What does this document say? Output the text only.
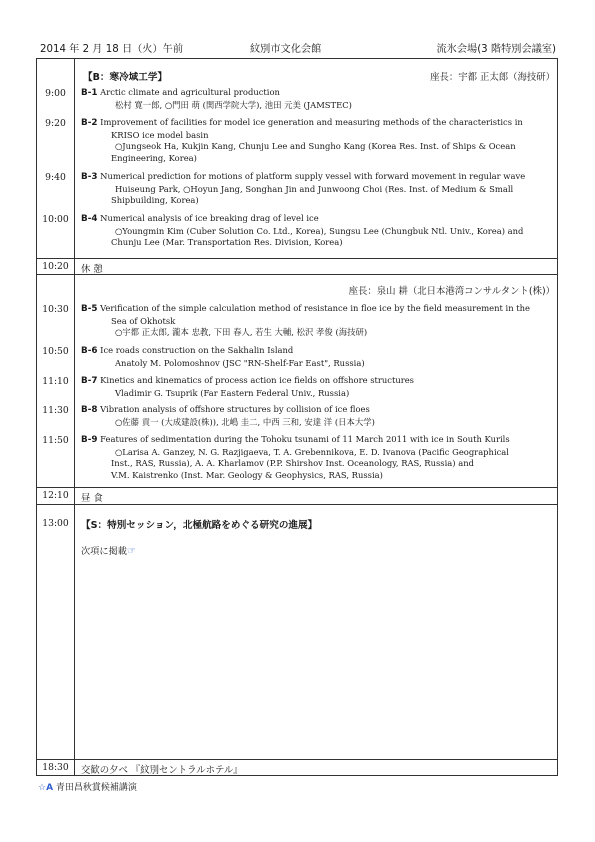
2014 年 2 月 18 日（火）午前	紋別市文化会館	流氷会場(3 階特別会議室)
【B：寒冷域工学】	座長：宇都 正太郎（海技研）
9:00	B-1 Arctic climate and agricultural production
松村 寛一郎, ○門田 萌 (関西学院大学), 池田 元美 (JAMSTEC)
9:20	B-2 Improvement of facilities for model ice generation and measuring methods of the characteristics in
KRISO ice model basin
○Jungseok Ha, Kukjin Kang, Chunju Lee and Sungho Kang (Korea Res. Inst. of Ships & Ocean
Engineering, Korea)
9:40	B-3 Numerical prediction for motions of platform supply vessel with forward movement in regular wave
Huiseung Park, ○Hoyun Jang, Songhan Jin and Junwoong Choi (Res. Inst. of Medium & Small
Shipbuilding, Korea)
10:00	B-4 Numerical analysis of ice breaking drag of level ice
○Youngmin Kim (Cuber Solution Co. Ltd., Korea), Sungsu Lee (Chungbuk Ntl. Univ., Korea) and
Chunju Lee (Mar. Transportation Res. Division, Korea)
10:20	休 憩
座長：泉山 耕（北日本港湾コンサルタント(株)）
10:30	B-5 Verification of the simple calculation method of resistance in floe ice by the field measurement in the
Sea of Okhotsk
○宇都 正太郎, 瀧本 忠教, 下田 春人, 若生 大輔, 松沢 孝俊 (海技研)
10:50	B-6 Ice roads construction on the Sakhalin Island
Anatoly M. Polomoshnov (JSC "RN-Shelf-Far East", Russia)
11:10	B-7 Kinetics and kinematics of process action ice fields on offshore structures
Vladimir G. Tsuprik (Far Eastern Federal Univ., Russia)
11:30	B-8 Vibration analysis of offshore structures by collision of ice floes
○佐藤 貢一 (大成建設(株)), 北嶋 圭二, 中西 三和, 安達 洋 (日本大学)
11:50	B-9 Features of sedimentation during the Tohoku tsunami of 11 March 2011 with ice in South Kurils
○Larisa A. Ganzey, N. G. Razjigaeva, T. A. Grebennikova, E. D. Ivanova (Pacific Geographical
Inst., RAS, Russia), A. A. Kharlamov (P.P. Shirshov Inst. Oceanology, RAS, Russia) and
V.M. Kaistrenko (Inst. Mar. Geology & Geophysics, RAS, Russia)
12:10	昼 食
13:00	【S：特別セッション，北極航路をめぐる研究の進展】
次項に掲載☞
18:30	交歓の夕べ 『紋別セントラルホテル』
☆A 青田昌秋賞候補講演
